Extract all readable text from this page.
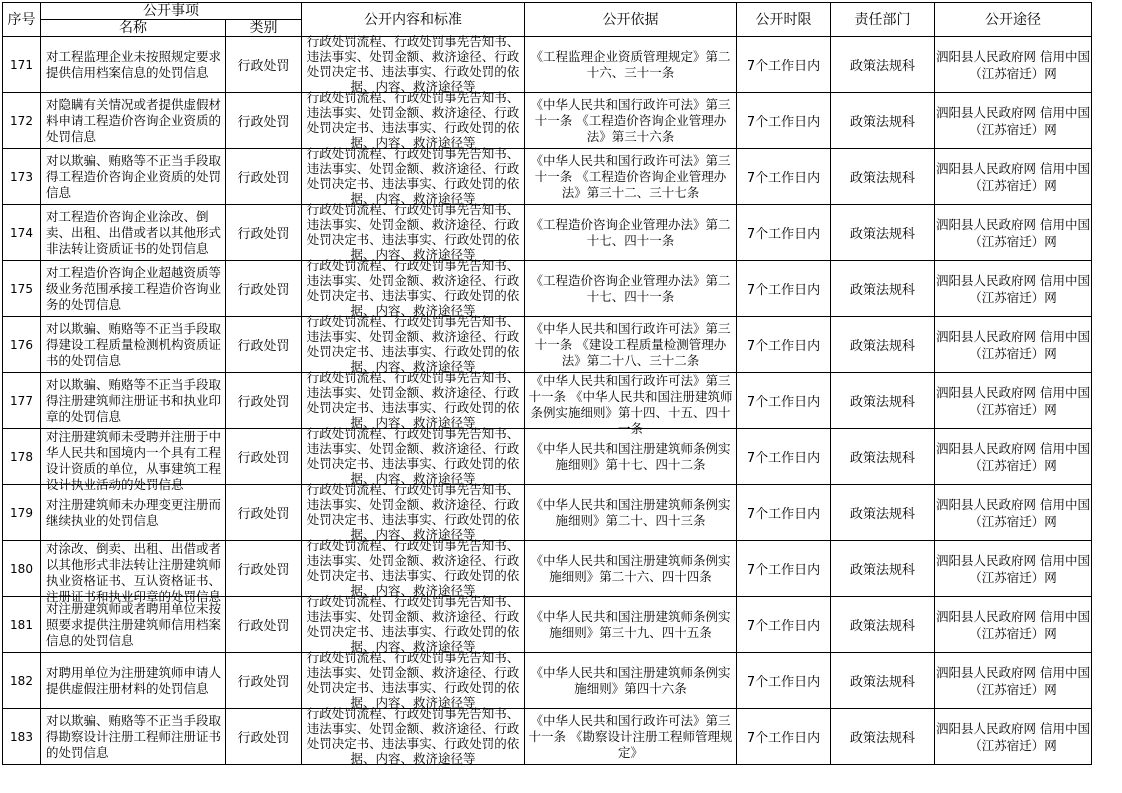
序号	公开事项		公开内容和标准	公开依据	公开时限	责任部门	公开途径
	名称	类别					

171	对工程监理企业未按照规定要求提供信用档案信息的处罚信息	行政处罚	行政处罚流程、行政处罚事先告知书、违法事实、处罚金额、救济途径、行政处罚决定书、违法事实、行政处罚的依据、内容、救济途径等	《工程监理企业资质管理规定》第二十六、三十一条	7个工作日内	政策法规科	泗阳县人民政府网 信用中国（江苏宿迁）网

172	对隐瞒有关情况或者提供虚假材料申请工程造价咨询企业资质的处罚信息	行政处罚	行政处罚流程、行政处罚事先告知书、违法事实、处罚金额、救济途径、行政处罚决定书、违法事实、行政处罚的依据、内容、救济途径等	《中华人民共和国行政许可法》第三十一条 《工程造价咨询企业管理办法》第三十六条	7个工作日内	政策法规科	泗阳县人民政府网 信用中国（江苏宿迁）网

173	对以欺骗、贿赂等不正当手段取得工程造价咨询企业资质的处罚信息	行政处罚	行政处罚流程、行政处罚事先告知书、违法事实、处罚金额、救济途径、行政处罚决定书、违法事实、行政处罚的依据、内容、救济途径等	《中华人民共和国行政许可法》第三十一条 《工程造价咨询企业管理办法》第三十二、三十七条	7个工作日内	政策法规科	泗阳县人民政府网 信用中国（江苏宿迁）网

174	对工程造价咨询企业涂改、倒卖、出租、出借或者以其他形式非法转让资质证书的处罚信息	行政处罚	行政处罚流程、行政处罚事先告知书、违法事实、处罚金额、救济途径、行政处罚决定书、违法事实、行政处罚的依据、内容、救济途径等	《工程造价咨询企业管理办法》第二十七、四十一条	7个工作日内	政策法规科	泗阳县人民政府网 信用中国（江苏宿迁）网

175	对工程造价咨询企业超越资质等级业务范围承接工程造价咨询业务的处罚信息	行政处罚	行政处罚流程、行政处罚事先告知书、违法事实、处罚金额、救济途径、行政处罚决定书、违法事实、行政处罚的依据、内容、救济途径等	《工程造价咨询企业管理办法》第二十七、四十一条	7个工作日内	政策法规科	泗阳县人民政府网 信用中国（江苏宿迁）网

176	对以欺骗、贿赂等不正当手段取得建设工程质量检测机构资质证书的处罚信息	行政处罚	行政处罚流程、行政处罚事先告知书、违法事实、处罚金额、救济途径、行政处罚决定书、违法事实、行政处罚的依据、内容、救济途径等	《中华人民共和国行政许可法》第三十一条 《建设工程质量检测管理办法》第二十八、三十二条	7个工作日内	政策法规科	泗阳县人民政府网 信用中国（江苏宿迁）网

177	对以欺骗、贿赂等不正当手段取得注册建筑师注册证书和执业印章的处罚信息	行政处罚	行政处罚流程、行政处罚事先告知书、违法事实、处罚金额、救济途径、行政处罚决定书、违法事实、行政处罚的依据、内容、救济途径等	《中华人民共和国行政许可法》第三十一条 《中华人民共和国注册建筑师条例实施细则》第十四、十五、四十一条	7个工作日内	政策法规科	泗阳县人民政府网 信用中国（江苏宿迁）网

178	对注册建筑师未受聘并注册于中华人民共和国境内一个具有工程设计资质的单位，从事建筑工程设计执业活动的处罚信息	行政处罚	行政处罚流程、行政处罚事先告知书、违法事实、处罚金额、救济途径、行政处罚决定书、违法事实、行政处罚的依据、内容、救济途径等	《中华人民共和国注册建筑师条例实施细则》第十七、四十二条	7个工作日内	政策法规科	泗阳县人民政府网 信用中国（江苏宿迁）网

179	对注册建筑师未办理变更注册而继续执业的处罚信息	行政处罚	行政处罚流程、行政处罚事先告知书、违法事实、处罚金额、救济途径、行政处罚决定书、违法事实、行政处罚的依据、内容、救济途径等	《中华人民共和国注册建筑师条例实施细则》第二十、四十三条	7个工作日内	政策法规科	泗阳县人民政府网 信用中国（江苏宿迁）网

180	对涂改、倒卖、出租、出借或者以其他形式非法转让注册建筑师执业资格证书、互认资格证书、注册证书和执业印章的处罚信息	行政处罚	行政处罚流程、行政处罚事先告知书、违法事实、处罚金额、救济途径、行政处罚决定书、违法事实、行政处罚的依据、内容、救济途径等	《中华人民共和国注册建筑师条例实施细则》第二十六、四十四条	7个工作日内	政策法规科	泗阳县人民政府网 信用中国（江苏宿迁）网

181	对注册建筑师或者聘用单位未按照要求提供注册建筑师信用档案信息的处罚信息	行政处罚	行政处罚流程、行政处罚事先告知书、违法事实、处罚金额、救济途径、行政处罚决定书、违法事实、行政处罚的依据、内容、救济途径等	《中华人民共和国注册建筑师条例实施细则》第三十九、四十五条	7个工作日内	政策法规科	泗阳县人民政府网 信用中国（江苏宿迁）网

182	对聘用单位为注册建筑师申请人提供虚假注册材料的处罚信息	行政处罚	行政处罚流程、行政处罚事先告知书、违法事实、处罚金额、救济途径、行政处罚决定书、违法事实、行政处罚的依据、内容、救济途径等	《中华人民共和国注册建筑师条例实施细则》第四十六条	7个工作日内	政策法规科	泗阳县人民政府网 信用中国（江苏宿迁）网

183	对以欺骗、贿赂等不正当手段取得勘察设计注册工程师注册证书的处罚信息	行政处罚	行政处罚流程、行政处罚事先告知书、违法事实、处罚金额、救济途径、行政处罚决定书、违法事实、行政处罚的依据、内容、救济途径等	《中华人民共和国行政许可法》第三十一条 《勘察设计注册工程师管理规定》	7个工作日内	政策法规科	泗阳县人民政府网 信用中国（江苏宿迁）网
